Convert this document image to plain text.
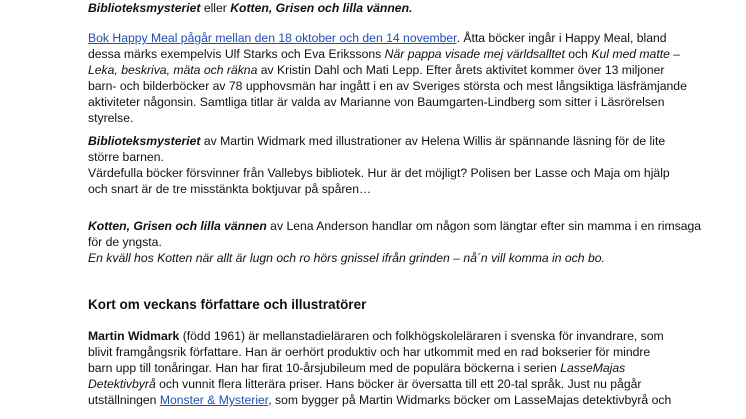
Biblioteksmysteriet eller Kotten, Grisen och lilla vännen.

Bok Happy Meal pågår mellan den 18 oktober och den 14 november. Åtta böcker ingår i Happy Meal, bland
dessa märks exempelvis Ulf Starks och Eva Erikssons När pappa visade mej världsalltet och Kul med matte –
Leka, beskriva, mäta och räkna av Kristin Dahl och Mati Lepp. Efter årets aktivitet kommer över 13 miljoner
barn- och bilderböcker av 78 upphovsmän har ingått i en av Sveriges största och mest långsiktiga läsfrämjande
aktiviteter någonsin. Samtliga titlar är valda av Marianne von Baumgarten-Lindberg som sitter i Läsrörelsen
styrelse.

Biblioteksmysteriet av Martin Widmark med illustrationer av Helena Willis är spännande läsning för de lite
större barnen.
Värdefulla böcker försvinner från Vallebys bibliotek. Hur är det möjligt? Polisen ber Lasse och Maja om hjälp
och snart är de tre misstänkta boktjuvar på spåren…

Kotten, Grisen och lilla vännen av Lena Anderson handlar om någon som längtar efter sin mamma i en rimsaga
för de yngsta.
En kväll hos Kotten när allt är lugn och ro hörs gnissel ifrån grinden – nå´n vill komma in och bo.

Kort om veckans författare och illustratörer

Martin Widmark (född 1961) är mellanstadieläraren och folkhögskoleläraren i svenska för invandrare, som
blivit framgångsrik författare. Han är oerhört produktiv och har utkommit med en rad bokserier för mindre
barn upp till tonåringar. Han har firat 10-årsjubileum med de populära böckerna i serien LasseMajas
Detektivbyrå och vunnit flera litterära priser. Hans böcker är översatta till ett 20-tal språk. Just nu pågår
utställningen Monster & Mysterier, som bygger på Martin Widmarks böcker om LasseMajas detektivbyrå och
